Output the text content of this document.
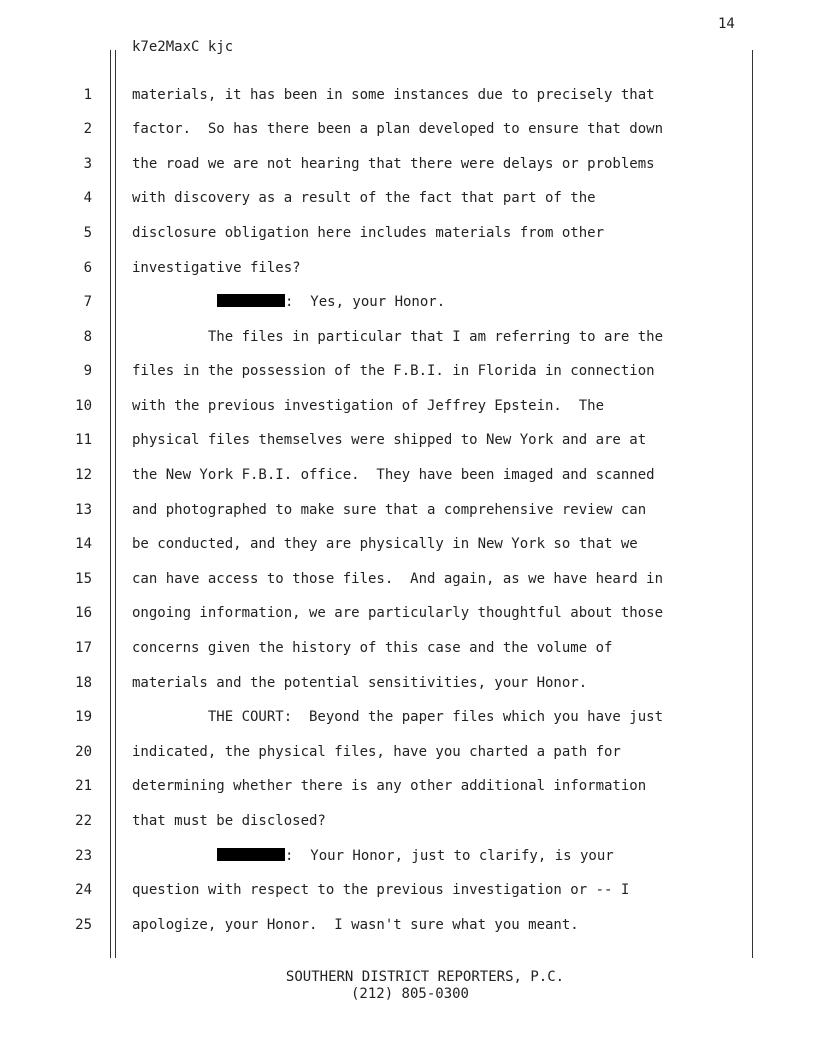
14
k7e2MaxC kjc
1	materials, it has been in some instances due to precisely that
2	factor.  So has there been a plan developed to ensure that down
3	the road we are not hearing that there were delays or problems
4	with discovery as a result of the fact that part of the
5	disclosure obligation here includes materials from other
6	investigative files?
7	:  Yes, your Honor.
8	The files in particular that I am referring to are the
9	files in the possession of the F.B.I. in Florida in connection
10	with the previous investigation of Jeffrey Epstein.  The
11	physical files themselves were shipped to New York and are at
12	the New York F.B.I. office.  They have been imaged and scanned
13	and photographed to make sure that a comprehensive review can
14	be conducted, and they are physically in New York so that we
15	can have access to those files.  And again, as we have heard in
16	ongoing information, we are particularly thoughtful about those
17	concerns given the history of this case and the volume of
18	materials and the potential sensitivities, your Honor.
19	THE COURT:  Beyond the paper files which you have just
20	indicated, the physical files, have you charted a path for
21	determining whether there is any other additional information
22	that must be disclosed?
23	:  Your Honor, just to clarify, is your
24	question with respect to the previous investigation or -- I
25	apologize, your Honor.  I wasn't sure what you meant.
SOUTHERN DISTRICT REPORTERS, P.C.
(212) 805-0300
